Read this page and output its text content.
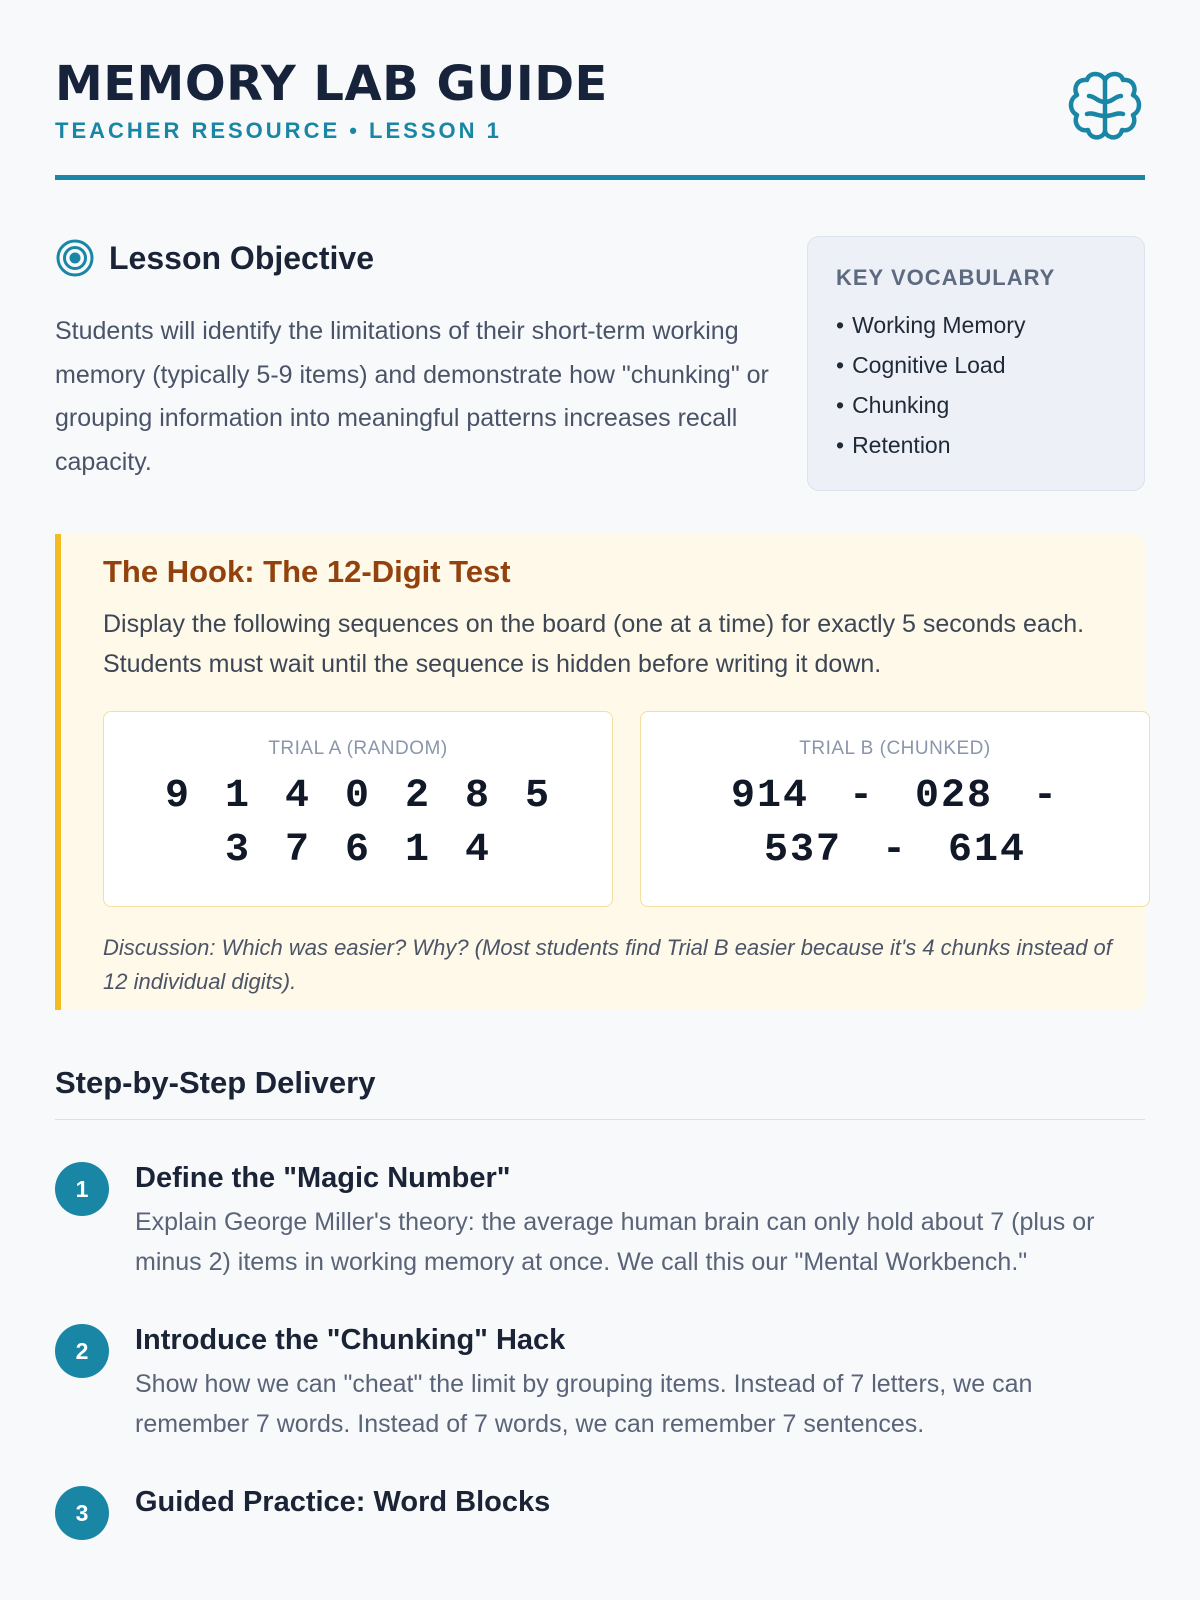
MEMORY LAB GUIDE
TEACHER RESOURCE • LESSON 1
Lesson Objective

Students will identify the limitations of their short-term working memory (typically 5-9 items) and demonstrate how "chunking" or grouping information into meaningful patterns increases recall capacity.

KEY VOCABULARY
• Working Memory
• Cognitive Load
• Chunking
• Retention
The Hook: The 12-Digit Test
Display the following sequences on the board (one at a time) for exactly 5 seconds each. Students must wait until the sequence is hidden before writing it down.
TRIAL A (RANDOM)
9 1 4 0 2 8 5 3 7 6 1 4
TRIAL B (CHUNKED)
914 - 028 - 537 - 614
Discussion: Which was easier? Why? (Most students find Trial B easier because it's 4 chunks instead of 12 individual digits).
Step-by-Step Delivery
1	Define the "Magic Number"
Explain George Miller's theory: the average human brain can only hold about 7 (plus or minus 2) items in working memory at once. We call this our "Mental Workbench."
2	Introduce the "Chunking" Hack
Show how we can "cheat" the limit by grouping items. Instead of 7 letters, we can remember 7 words. Instead of 7 words, we can remember 7 sentences.
3	Guided Practice: Word Blocks
